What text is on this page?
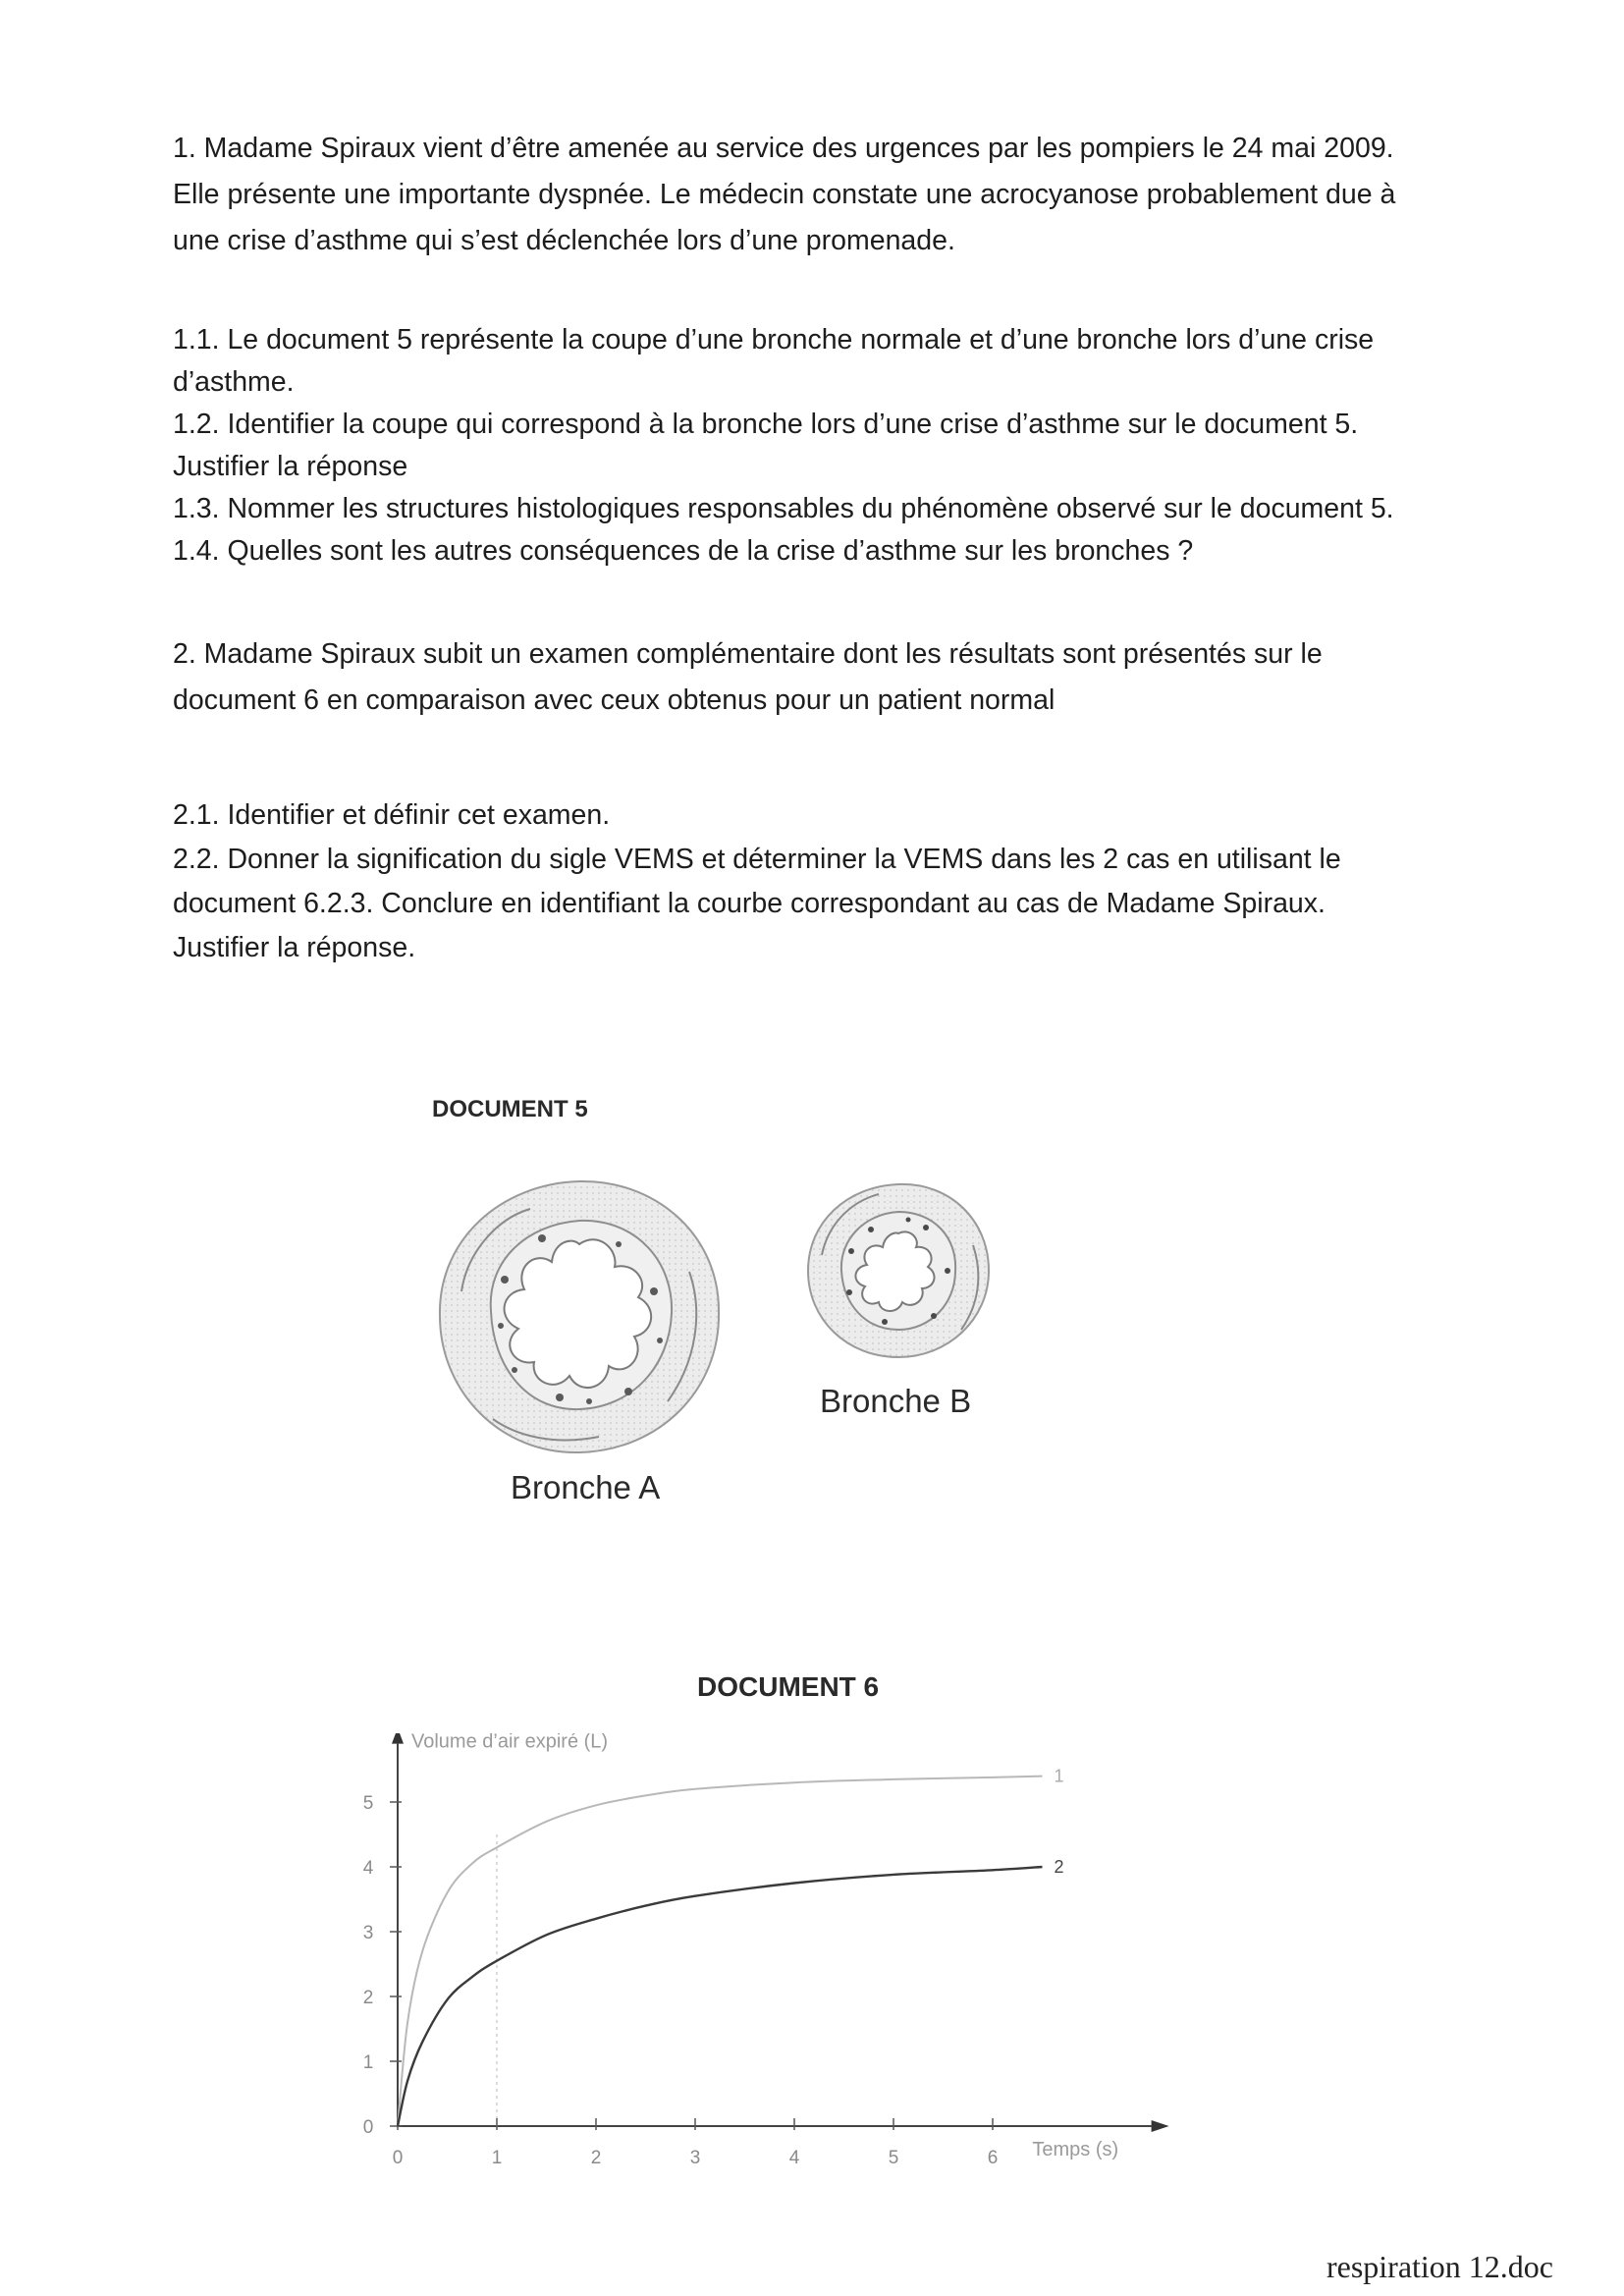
1. Madame Spiraux vient d’être amenée au service des urgences par les pompiers le 24 mai 2009.
Elle présente une importante dyspnée. Le médecin constate une acrocyanose probablement due à
une crise d’asthme qui s’est déclenchée lors d’une promenade.
1.1. Le document 5 représente la coupe d’une bronche normale et d’une bronche lors d’une crise
d’asthme.
1.2. Identifier la coupe qui correspond à la bronche lors d’une crise d’asthme sur le document 5.
Justifier la réponse
1.3. Nommer les structures histologiques responsables du phénomène observé sur le document 5.
1.4. Quelles sont les autres conséquences de la crise d’asthme sur les bronches ?
2. Madame Spiraux subit un examen complémentaire dont les résultats sont présentés sur le
document 6 en comparaison avec ceux obtenus pour un patient normal
2.1. Identifier et définir cet examen.
2.2. Donner la signification du sigle VEMS et déterminer la VEMS dans les 2 cas en utilisant le
document 6.2.3. Conclure en identifiant la courbe correspondant au cas de Madame Spiraux.
Justifier la réponse.
DOCUMENT 5
Bronche A
Bronche B
DOCUMENT 6
0	1	2	3	4	5	6
0
1
2
3
4
5
Volume d’air expiré (L)
Temps (s)
1
2
respiration 12.doc
